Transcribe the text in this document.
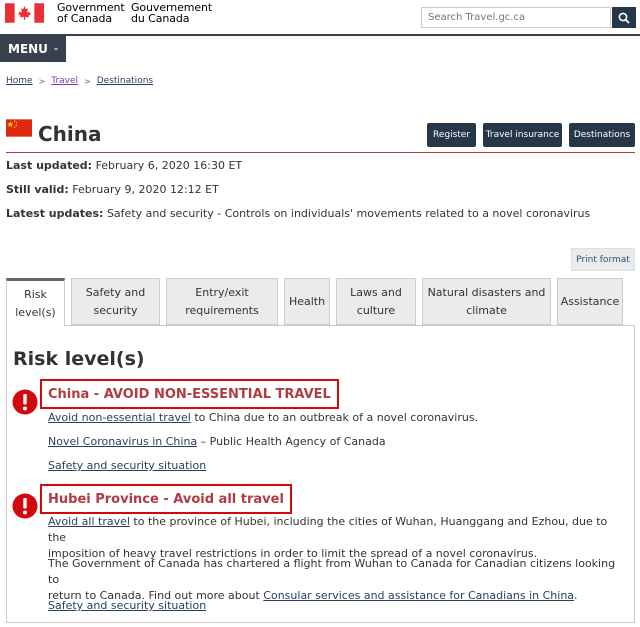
Government
of Canada
Gouvernement
du Canada
Search Travel.gc.ca
MENU
Home > Travel > Destinations
China	Register	Travel insurance	Destinations
Last updated: February 6, 2020 16:30 ET
Still valid: February 9, 2020 12:12 ET
Latest updates: Safety and security - Controls on individuals' movements related to a novel coronavirus
Print format
Risk
level(s)
Safety and
security
Entry/exit
requirements
Health
Laws and
culture
Natural disasters and
climate
Assistance
Risk level(s)
China - AVOID NON-ESSENTIAL TRAVEL
Avoid non-essential travel to China due to an outbreak of a novel coronavirus.
Novel Coronavirus in China – Public Health Agency of Canada
Safety and security situation
Hubei Province - Avoid all travel
Avoid all travel to the province of Hubei, including the cities of Wuhan, Huanggang and Ezhou, due to the
imposition of heavy travel restrictions in order to limit the spread of a novel coronavirus.
The Government of Canada has chartered a flight from Wuhan to Canada for Canadian citizens looking to
return to Canada. Find out more about Consular services and assistance for Canadians in China.
Safety and security situation
